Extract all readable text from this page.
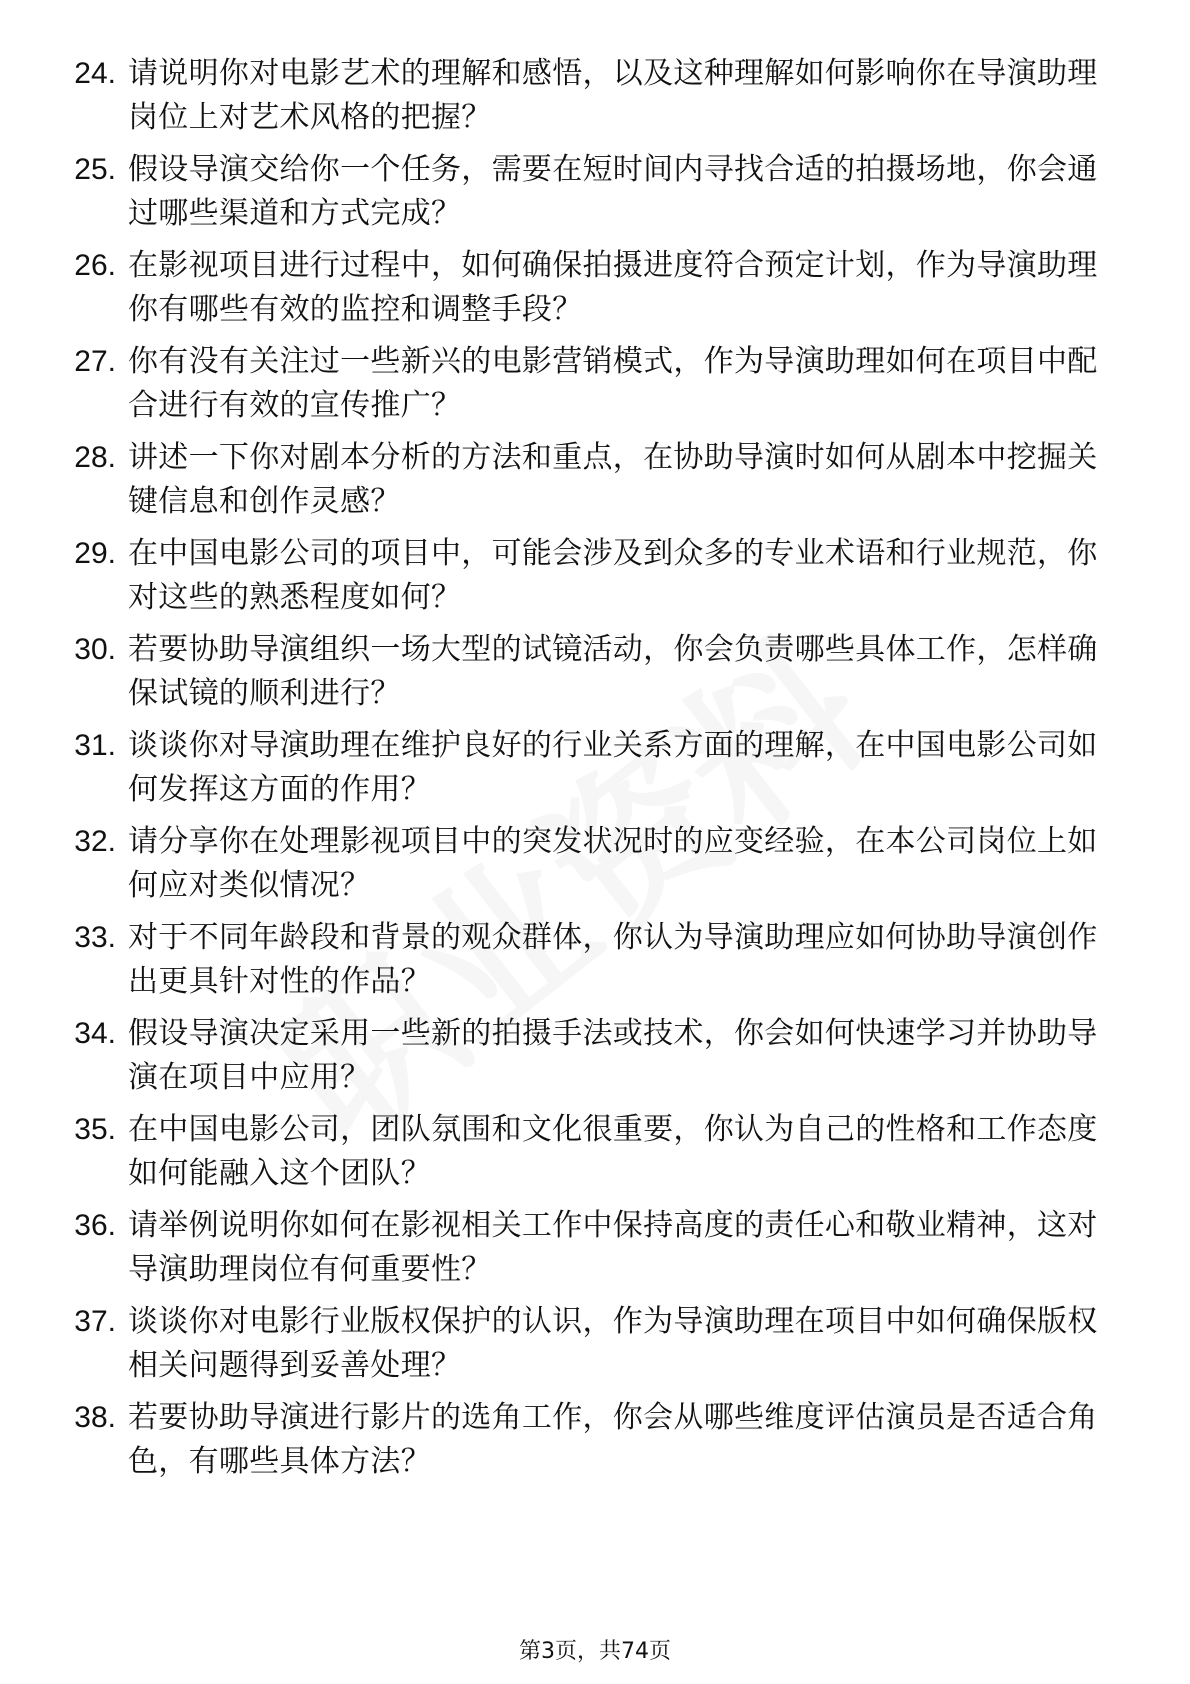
24. 请说明你对电影艺术的理解和感悟，以及这种理解如何影响你在导演助理岗位上对艺术风格的把握？
25. 假设导演交给你一个任务，需要在短时间内寻找合适的拍摄场地，你会通过哪些渠道和方式完成？
26. 在影视项目进行过程中，如何确保拍摄进度符合预定计划，作为导演助理你有哪些有效的监控和调整手段？
27. 你有没有关注过一些新兴的电影营销模式，作为导演助理如何在项目中配合进行有效的宣传推广？
28. 讲述一下你对剧本分析的方法和重点，在协助导演时如何从剧本中挖掘关键信息和创作灵感？
29. 在中国电影公司的项目中，可能会涉及到众多的专业术语和行业规范，你对这些的熟悉程度如何？
30. 若要协助导演组织一场大型的试镜活动，你会负责哪些具体工作，怎样确保试镜的顺利进行？
31. 谈谈你对导演助理在维护良好的行业关系方面的理解，在中国电影公司如何发挥这方面的作用？
32. 请分享你在处理影视项目中的突发状况时的应变经验，在本公司岗位上如何应对类似情况？
33. 对于不同年龄段和背景的观众群体，你认为导演助理应如何协助导演创作出更具针对性的作品？
34. 假设导演决定采用一些新的拍摄手法或技术，你会如何快速学习并协助导演在项目中应用？
35. 在中国电影公司，团队氛围和文化很重要，你认为自己的性格和工作态度如何能融入这个团队？
36. 请举例说明你如何在影视相关工作中保持高度的责任心和敬业精神，这对导演助理岗位有何重要性？
37. 谈谈你对电影行业版权保护的认识，作为导演助理在项目中如何确保版权相关问题得到妥善处理？
38. 若要协助导演进行影片的选角工作，你会从哪些维度评估演员是否适合角色，有哪些具体方法？
第3页，共74页
